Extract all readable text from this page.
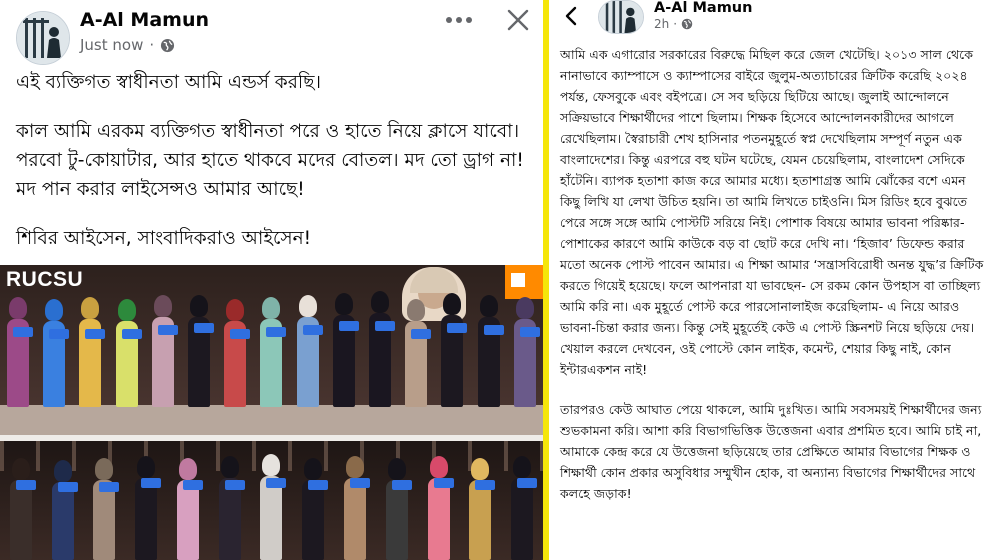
A-Al Mamun
Just now ·

এই ব্যক্তিগত স্বাধীনতা আমি এন্ডর্স করছি।

কাল আমি এরকম ব্যক্তিগত স্বাধীনতা পরে ও হাতে নিয়ে ক্লাসে যাবো। পরবো টু-কোয়াটার, আর হাতে থাকবে মদের বোতল। মদ তো ড্রাগ না! মদ পান করার লাইসেন্সও আমার আছে!

শিবির আইসেন, সাংবাদিকরাও আইসেন!

RUCSU
A-Al Mamun
2h ·

আমি এক এগারোর সরকারের বিরুদ্ধে মিছিল করে জেল খেটেছি। ২০১৩ সাল থেকে নানাভাবে ক্যাম্পাসে ও ক্যাম্পাসের বাইরে জুলুম-অত্যাচারের ক্রিটিক করেছি ২০২৪ পর্যন্ত, ফেসবুকে এবং বইপত্রে। সে সব ছড়িয়ে ছিটিয়ে আছে। জুলাই আন্দোলনে সক্রিয়ভাবে শিক্ষার্থীদের পাশে ছিলাম। শিক্ষক হিসেবে আন্দোলনকারীদের আগলে রেখেছিলাম। স্বৈরাচারী শেখ হাসিনার পতনমুহূর্তে স্বপ্ন দেখেছিলাম সম্পূর্ণ নতুন এক বাংলাদেশের। কিন্তু এরপরে বহু ঘটন ঘটেছে, যেমন চেয়েছিলাম, বাংলাদেশ সেদিকে হাঁটেনি। ব্যাপক হতাশা কাজ করে আমার মধ্যে। হতাশাগ্রস্ত আমি ঝোঁকের বশে এমন কিছু লিখি যা লেখা উচিত হয়নি। তা আমি লিখতে চাইওনি। মিস রিডিং হবে বুঝতে পেরে সঙ্গে সঙ্গে আমি পোস্টটি সরিয়ে নিই। পোশাক বিষয়ে আমার ভাবনা পরিষ্কার- পোশাকের কারণে আমি কাউকে বড় বা ছোট করে দেখি না। ‘হিজাব’ ডিফেন্ড করার মতো অনেক পোস্ট পাবেন আমার। এ শিক্ষা আমার ‘সন্ত্রাসবিরোধী অনন্ত যুদ্ধ’র ক্রিটিক করতে গিয়েই হয়েছে। ফলে আপনারা যা ভাবছেন- সে রকম কোন উপহাস বা তাচ্ছিল্য আমি করি না। এক মুহূর্তে পোস্ট করে পারসোনালাইজ করেছিলাম- এ নিয়ে আরও ভাবনা-চিন্তা করার জন্য। কিন্তু সেই মুহূর্তেই কেউ এ পোস্ট স্ক্রিনশট নিয়ে ছড়িয়ে দেয়। খেয়াল করলে দেখবেন, ওই পোস্টে কোন লাইক, কমেন্ট, শেয়ার কিছু নাই, কোন ইন্টারএকশন নাই!

তারপরও কেউ আঘাত পেয়ে থাকলে, আমি দুঃখিত। আমি সবসময়ই শিক্ষার্থীদের জন্য শুভকামনা করি। আশা করি বিভাগভিত্তিক উত্তেজনা এবার প্রশমিত হবে। আমি চাই না, আমাকে কেন্দ্র করে যে উত্তেজনা ছড়িয়েছে তার প্রেক্ষিতে আমার বিভাগের শিক্ষক ও শিক্ষার্থী কোন প্রকার অসুবিধার সম্মুখীন হোক, বা অন্যান্য বিভাগের শিক্ষার্থীদের সাথে কলহে জড়াক!
